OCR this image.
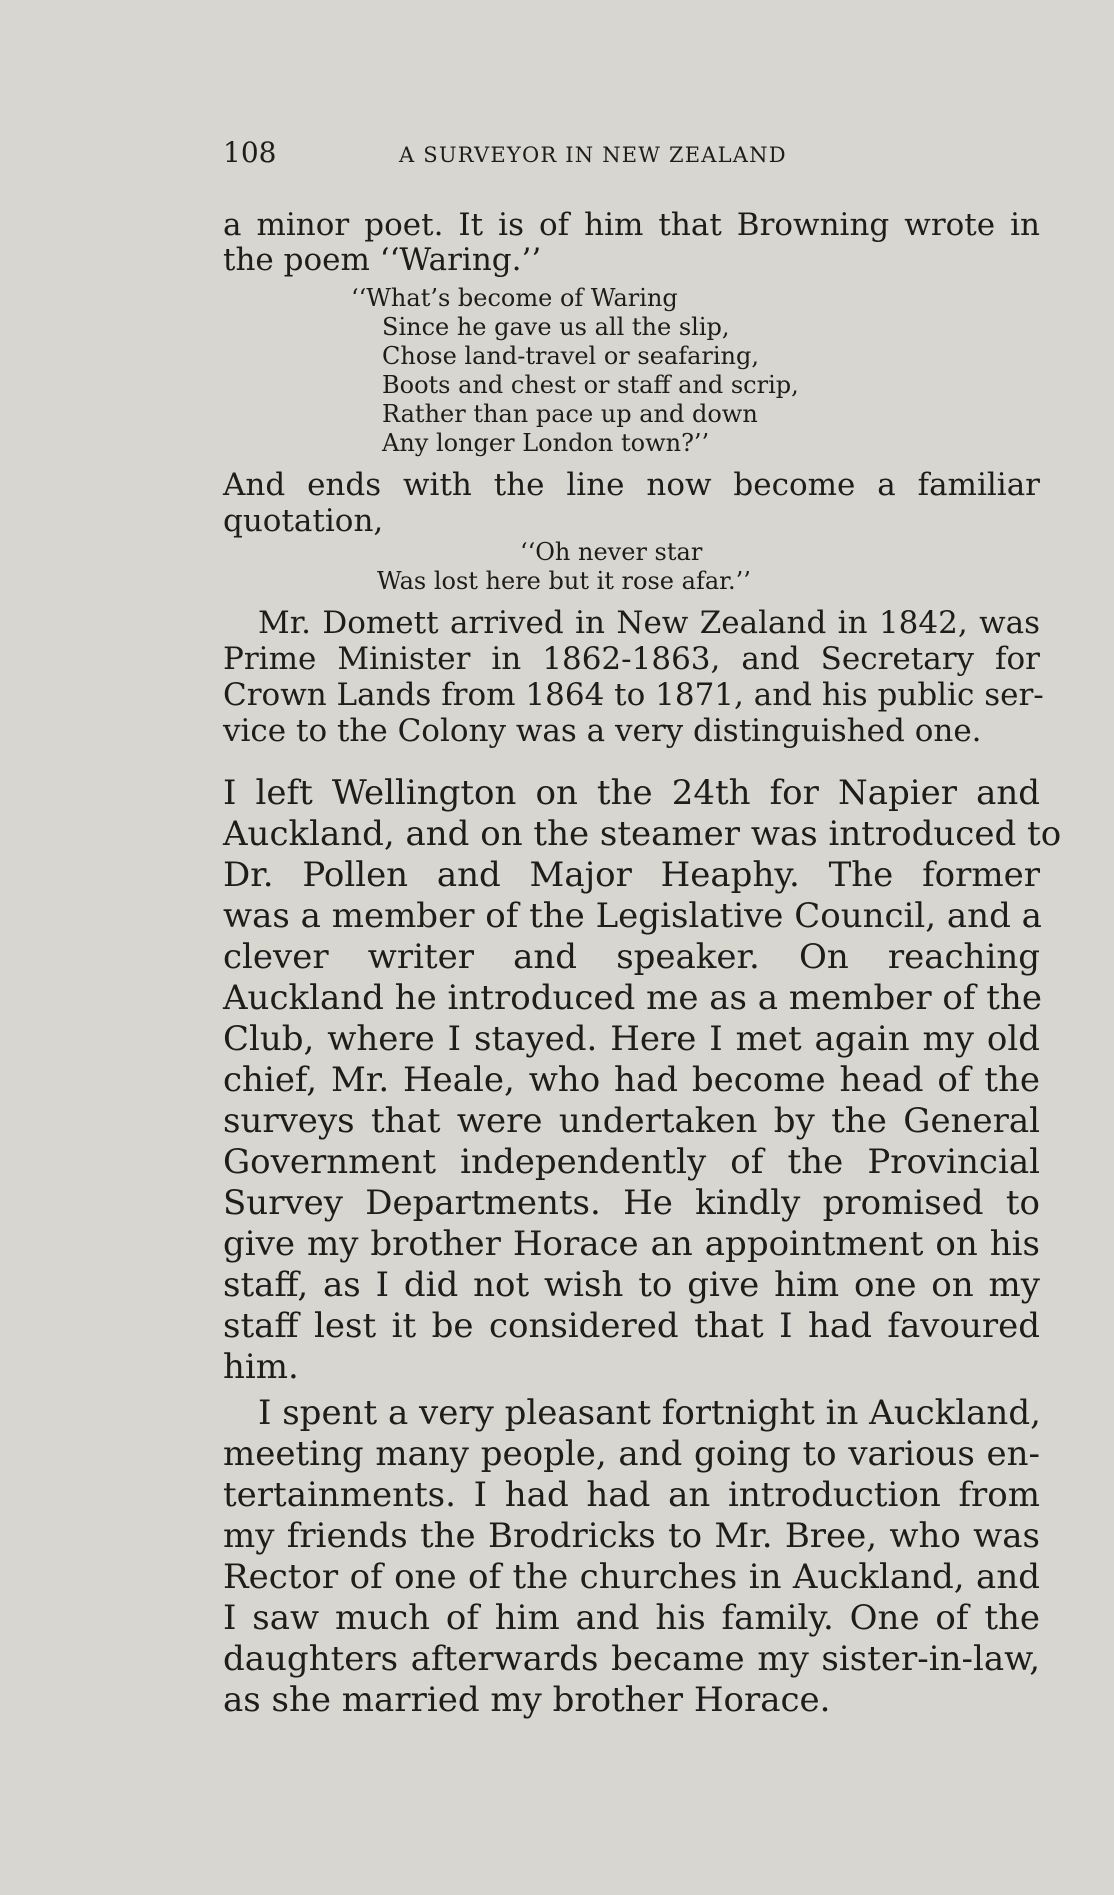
108	A SURVEYOR IN NEW ZEALAND
a minor poet. It is of him that Browning wrote in
the poem ‘‘Waring.’’
‘‘What’s become of Waring
Since he gave us all the slip,
Chose land-travel or seafaring,
Boots and chest or staff and scrip,
Rather than pace up and down
Any longer London town?’’
And ends with the line now become a familiar
quotation,
‘‘Oh never star
Was lost here but it rose afar.’’
Mr. Domett arrived in New Zealand in 1842, was
Prime Minister in 1862-1863, and Secretary for
Crown Lands from 1864 to 1871, and his public ser-
vice to the Colony was a very distinguished one.
I left Wellington on the 24th for Napier and
Auckland, and on the steamer was introduced to
Dr. Pollen and Major Heaphy. The former
was a member of the Legislative Council, and a
clever writer and speaker. On reaching
Auckland he introduced me as a member of the
Club, where I stayed. Here I met again my old
chief, Mr. Heale, who had become head of the
surveys that were undertaken by the General
Government independently of the Provincial
Survey Departments. He kindly promised to
give my brother Horace an appointment on his
staff, as I did not wish to give him one on my
staff lest it be considered that I had favoured
him.
I spent a very pleasant fortnight in Auckland,
meeting many people, and going to various en-
tertainments. I had had an introduction from
my friends the Brodricks to Mr. Bree, who was
Rector of one of the churches in Auckland, and
I saw much of him and his family. One of the
daughters afterwards became my sister-in-law,
as she married my brother Horace.
